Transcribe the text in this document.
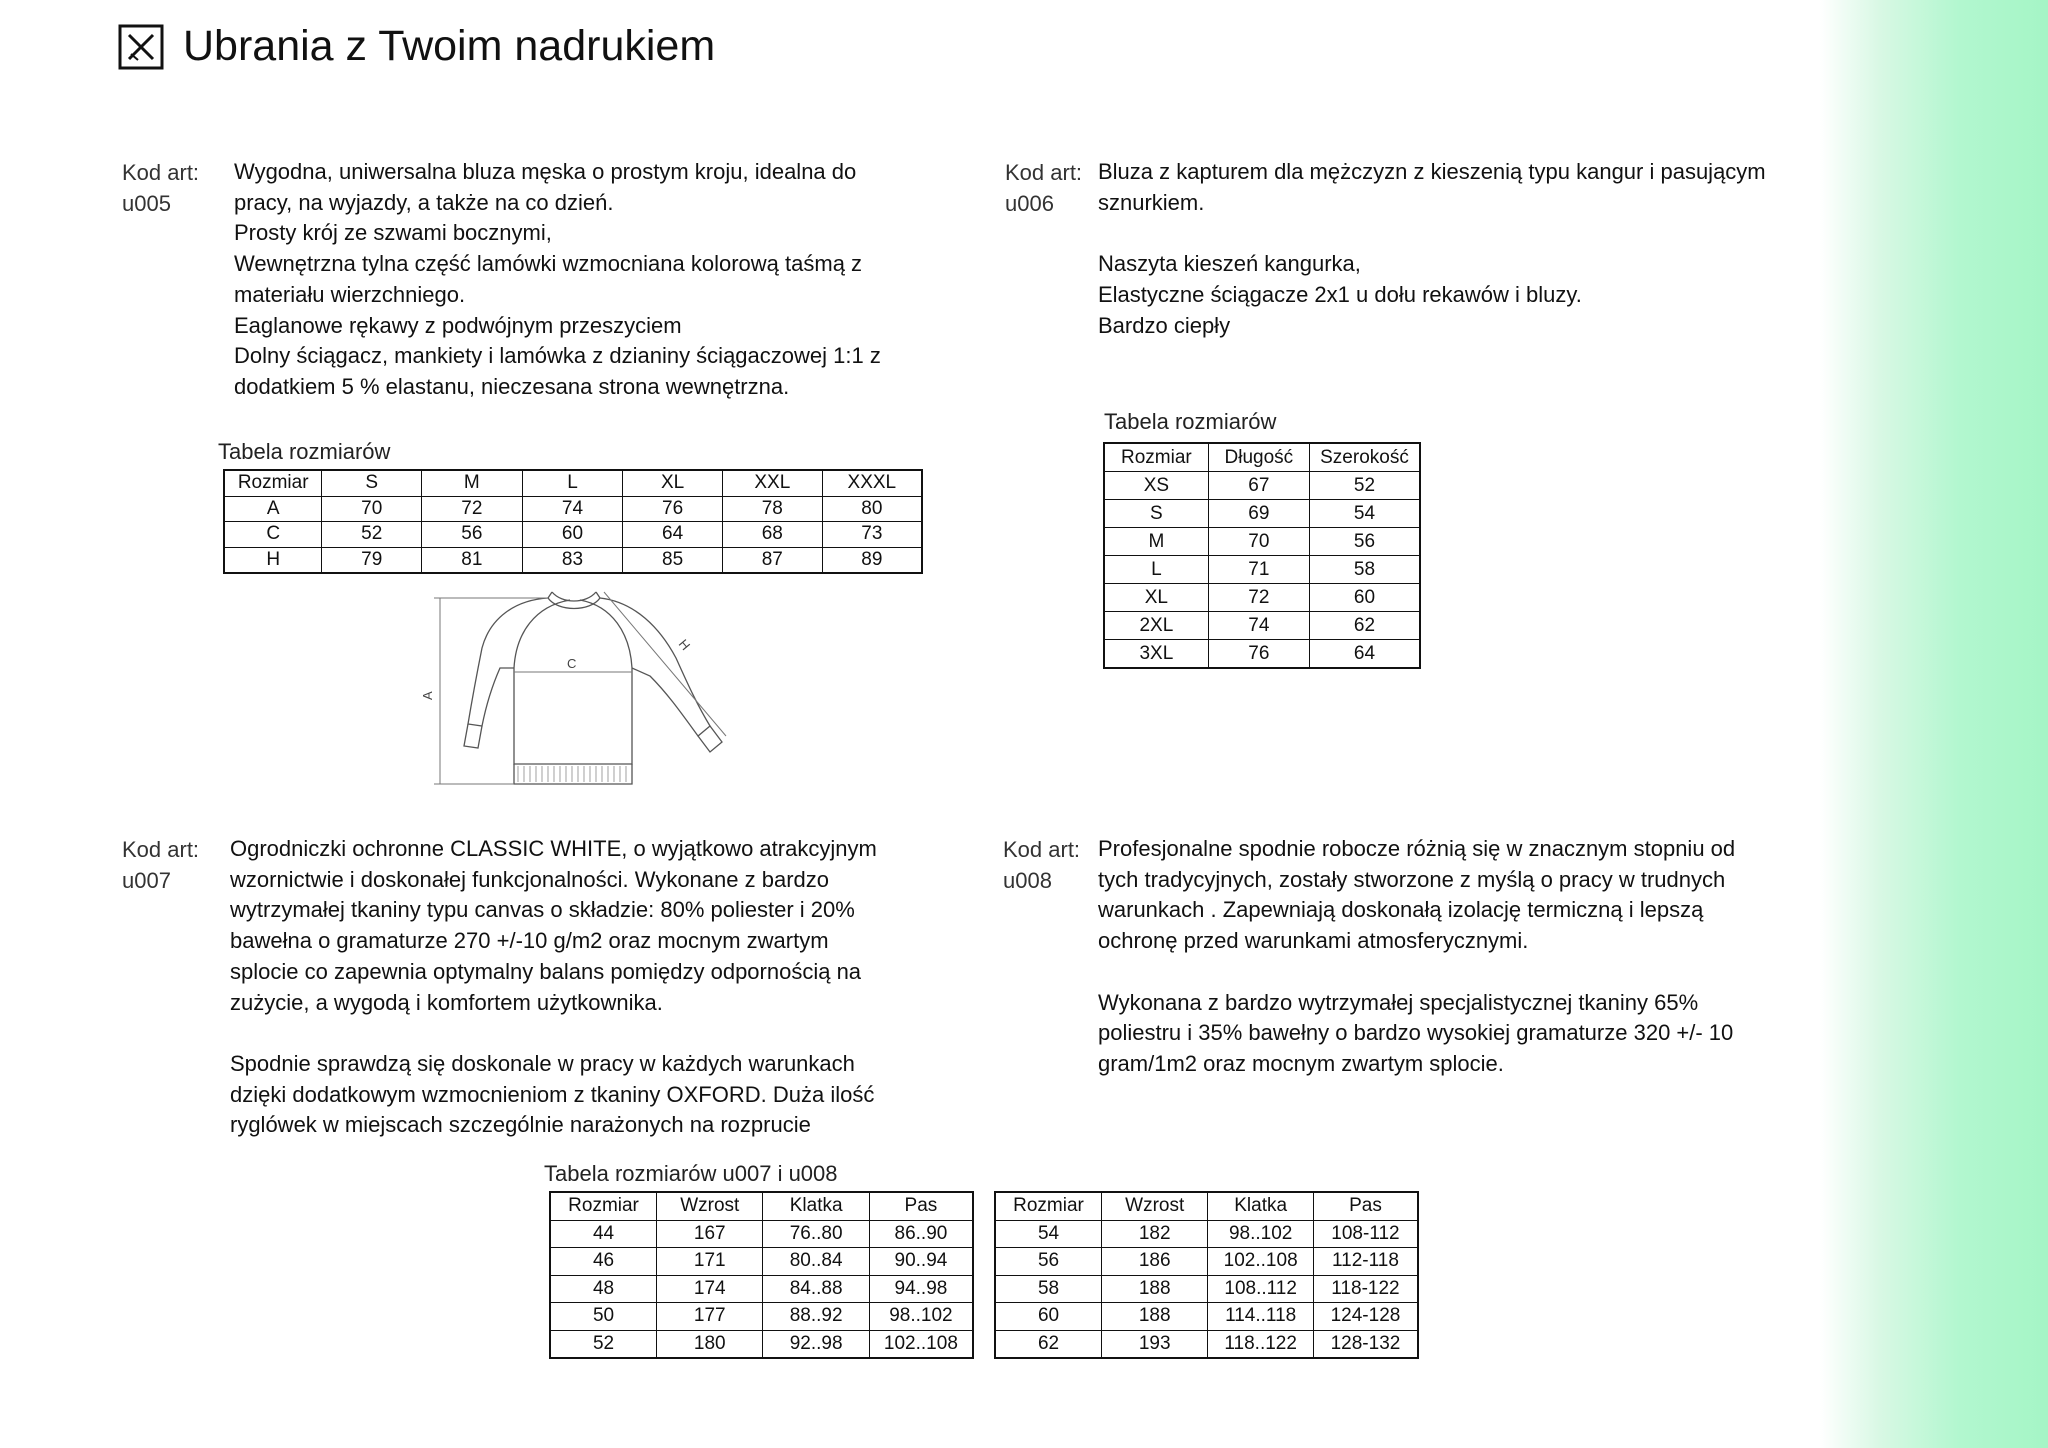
Ubrania z Twoim nadrukiem
Kod art:
u005

Wygodna, uniwersalna bluza męska o prostym kroju, idealna do

pracy, na wyjazdy, a także na co dzień.

Prosty krój ze szwami bocznymi,

Wewnętrzna tylna część lamówki wzmocniana kolorową taśmą z

materiału wierzchniego.

Eaglanowe rękawy z podwójnym przeszyciem

Dolny ściągacz, mankiety i lamówka z dzianiny ściągaczowej 1:1 z

dodatkiem 5 % elastanu, nieczesana strona wewnętrzna.

Tabela rozmiarów
Rozmiar	S	M	L	XL	XXL	XXXL
A	70	72	74	76	78	80
C	52	56	60	64	68	73
H	79	81	83	85	87	89
A
C
H
Kod art:
u006

Bluza z kapturem dla mężczyzn z kieszenią typu kangur i pasującym

sznurkiem.

Naszyta kieszeń kangurka,

Elastyczne ściągacze 2x1 u dołu rekawów i bluzy.

Bardzo ciepły

Tabela rozmiarów
Rozmiar	Długość	Szerokość
XS	67	52
S	69	54
M	70	56
L	71	58
XL	72	60
2XL	74	62
3XL	76	64
Kod art:
u007

Ogrodniczki ochronne CLASSIC WHITE, o wyjątkowo atrakcyjnym

wzornictwie i doskonałej funkcjonalności. Wykonane z bardzo

wytrzymałej tkaniny typu canvas o składzie: 80% poliester i 20%

bawełna o gramaturze 270 +/-10 g/m2 oraz mocnym zwartym

splocie co zapewnia optymalny balans pomiędzy odpornością na

zużycie, a wygodą i komfortem użytkownika.

Spodnie sprawdzą się doskonale w pracy w każdych warunkach

dzięki dodatkowym wzmocnieniom z tkaniny OXFORD. Duża ilość

ryglówek w miejscach szczególnie narażonych na rozprucie

Kod art:
u008

Profesjonalne spodnie robocze różnią się w znacznym stopniu od

tych tradycyjnych, zostały stworzone z myślą o pracy w trudnych

warunkach . Zapewniają doskonałą izolację termiczną i lepszą

ochronę przed warunkami atmosferycznymi.

Wykonana z bardzo wytrzymałej specjalistycznej tkaniny 65%

poliestru i 35% bawełny o bardzo wysokiej gramaturze 320 +/- 10

gram/1m2 oraz mocnym zwartym splocie.

Tabela rozmiarów u007 i u008
Rozmiar	Wzrost	Klatka	Pas
44	167	76..80	86..90
46	171	80..84	90..94
48	174	84..88	94..98
50	177	88..92	98..102
52	180	92..98	102..108
Rozmiar	Wzrost	Klatka	Pas
54	182	98..102	108-112
56	186	102..108	112-118
58	188	108..112	118-122
60	188	114..118	124-128
62	193	118..122	128-132
